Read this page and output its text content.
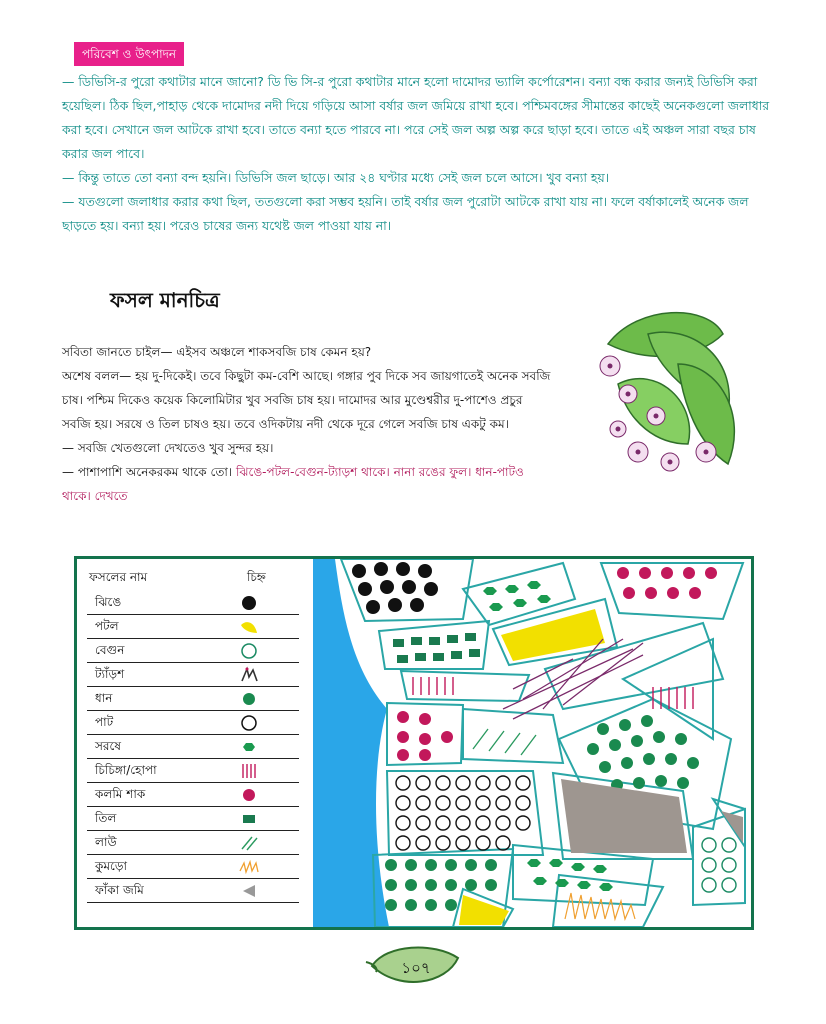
পরিবেশ ও উৎপাদন

— ডিভিসি-র পুরো কথাটার মানে জানো? ডি ভি সি-র পুরো কথাটার মানে হলো দামোদর ভ্যালি কর্পোরেশন। বন্যা বন্ধ করার জন্যই ডিভিসি করা হয়েছিল। ঠিক ছিল,পাহাড় থেকে দামোদর নদী দিয়ে গড়িয়ে আসা বর্ষার জল জমিয়ে রাখা হবে। পশ্চিমবঙ্গের সীমান্তের কাছেই অনেকগুলো জলাধার করা হবে। সেখানে জল আটকে রাখা হবে। তাতে বন্যা হতে পারবে না। পরে সেই জল অল্প অল্প করে ছাড়া হবে। তাতে এই অঞ্চল সারা বছর চাষ করার জল পাবে।

— কিন্তু তাতে তো বন্যা বন্দ হয়নি। ডিভিসি জল ছাড়ে। আর ২৪ ঘণ্টার মধ্যে সেই জল চলে আসে। খুব বন্যা হয়।

— যতগুলো জলাধার করার কথা ছিল, ততগুলো করা সম্ভব হয়নি। তাই বর্ষার জল পুরোটা আটকে রাখা যায় না। ফলে বর্ষাকালেই অনেক জল ছাড়তে হয়। বন্যা হয়। পরেও চাষের জন্য যথেষ্ট জল পাওয়া যায় না।

ফসল মানচিত্র

সবিতা জানতে চাইল— এইসব অঞ্চলে শাকসবজি চাষ কেমন হয়?

অশেষ বলল— হয় দু-দিকেই। তবে কিছুটা কম-বেশি আছে। গঙ্গার পুব দিকে সব জায়গাতেই অনেক সবজি চাষ। পশ্চিম দিকেও কয়েক কিলোমিটার খুব সবজি চাষ হয়। দামোদর আর মুণ্ডেশ্বরীর দু-পাশেও প্রচুর সবজি হয়। সরষে ও তিল চাষও হয়। তবে ওদিকটায় নদী থেকে দূরে গেলে সবজি চাষ একটু কম।

— সবজি খেতগুলো দেখতেও খুব সুন্দর হয়।

— পাশাপাশি অনেকরকম থাকে তো। ঝিঙে-পটল-বেগুন-ট্যাড়শ থাকে। নানা রঙের ফুল। ধান-পাটও থাকে। দেখতে

ফসলের নাম	চিহ্ন
ঝিঙে
পটল
বেগুন
ট্যাঁড়শ
ধান
পাট
সরষে
চিচিঙ্গা/হোপা
কলমি শাক
তিল
লাউ
কুমড়ো
ফাঁকা জমি
১০৭
